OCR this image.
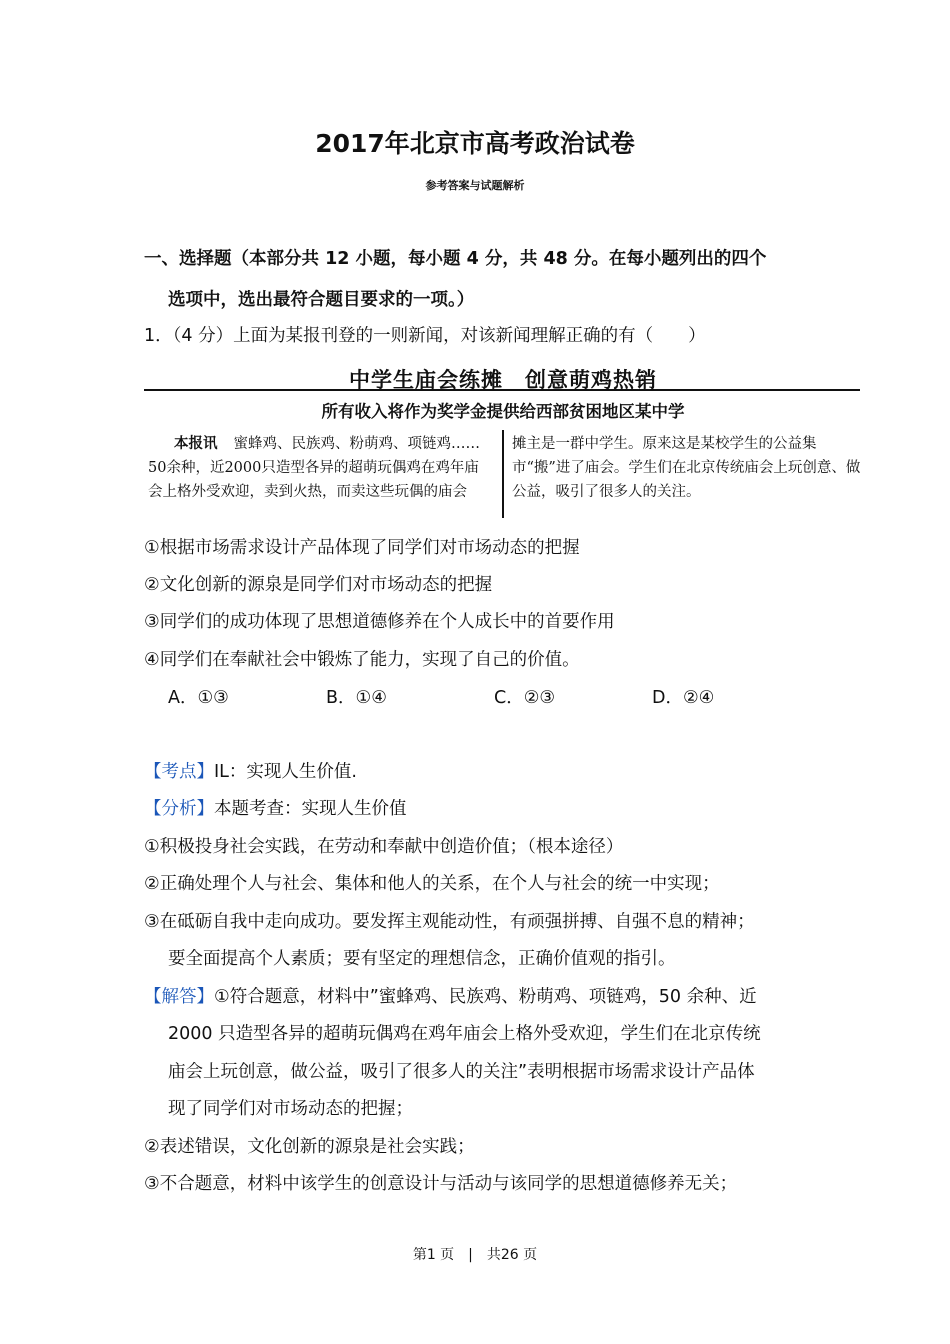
2017年北京市高考政治试卷
参考答案与试题解析
一、选择题（本部分共 12 小题，每小题 4 分，共 48 分。在每小题列出的四个
选项中，选出最符合题目要求的一项。）
1．（4 分）上面为某报刊登的一则新闻，对该新闻理解正确的有（　　）
中学生庙会练摊　创意萌鸡热销
所有收入将作为奖学金提供给西部贫困地区某中学
本报讯 蜜蜂鸡、民族鸡、粉萌鸡、项链鸡……50余种，近2000只造型各异的超萌玩偶鸡在鸡年庙会上格外受欢迎，卖到火热，而卖这些玩偶的庙会
摊主是一群中学生。原来这是某校学生的公益集市“搬”进了庙会。学生们在北京传统庙会上玩创意、做公益，吸引了很多人的关注。
①根据市场需求设计产品体现了同学们对市场动态的把握
②文化创新的源泉是同学们对市场动态的把握
③同学们的成功体现了思想道德修养在个人成长中的首要作用
④同学们在奉献社会中锻炼了能力，实现了自己的价值。
A．①③	B．①④	C．②③	D．②④
【考点】IL：实现人生价值.
【分析】本题考查：实现人生价值
①积极投身社会实践，在劳动和奉献中创造价值；（根本途径）
②正确处理个人与社会、集体和他人的关系，在个人与社会的统一中实现；
③在砥砺自我中走向成功。要发挥主观能动性，有顽强拼搏、自强不息的精神；
要全面提高个人素质；要有坚定的理想信念，正确价值观的指引。
【解答】①符合题意，材料中”蜜蜂鸡、民族鸡、粉萌鸡、项链鸡，50 余种、近
2000 只造型各异的超萌玩偶鸡在鸡年庙会上格外受欢迎，学生们在北京传统
庙会上玩创意，做公益，吸引了很多人的关注”表明根据市场需求设计产品体
现了同学们对市场动态的把握；
②表述错误，文化创新的源泉是社会实践；
③不合题意，材料中该学生的创意设计与活动与该同学的思想道德修养无关；
第1 页　|　共26 页
